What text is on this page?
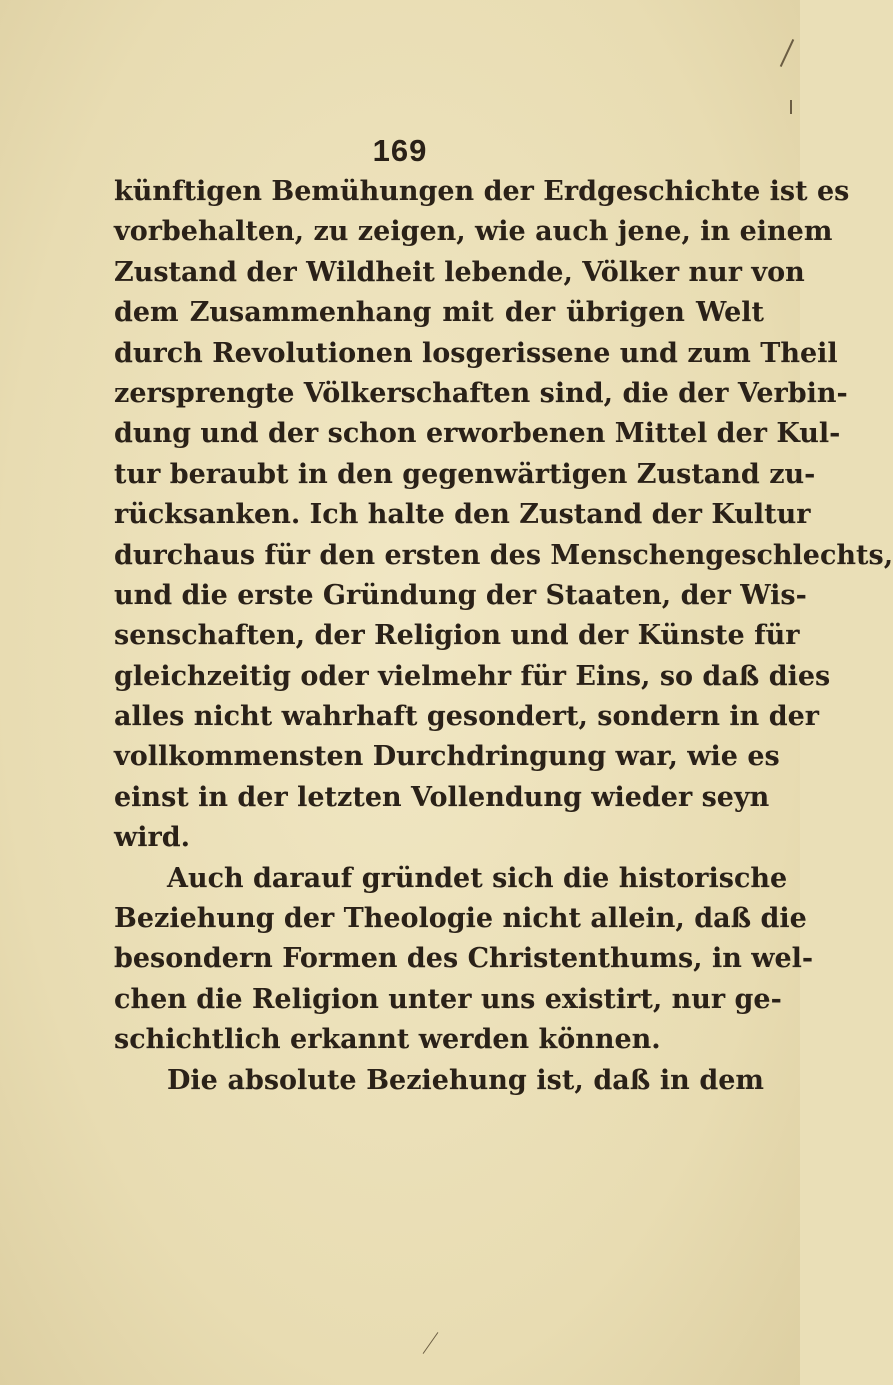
169
künftigen Bemühungen der Erdgeschichte ist es
vorbehalten, zu zeigen, wie auch jene, in einem
Zustand der Wildheit lebende, Völker nur von
dem Zusammenhang mit der übrigen Welt
durch Revolutionen losgerissene und zum Theil
zersprengte Völkerschaften sind, die der Verbin-
dung und der schon erworbenen Mittel der Kul-
tur beraubt in den gegenwärtigen Zustand zu-
rücksanken. Ich halte den Zustand der Kultur
durchaus für den ersten des Menschengeschlechts,
und die erste Gründung der Staaten, der Wis-
senschaften, der Religion und der Künste für
gleichzeitig oder vielmehr für Eins, so daß dies
alles nicht wahrhaft gesondert, sondern in der
vollkommensten Durchdringung war, wie es
einst in der letzten Vollendung wieder seyn
wird.
Auch darauf gründet sich die historische
Beziehung der Theologie nicht allein, daß die
besondern Formen des Christenthums, in wel-
chen die Religion unter uns existirt, nur ge-
schichtlich erkannt werden können.
Die absolute Beziehung ist, daß in dem
